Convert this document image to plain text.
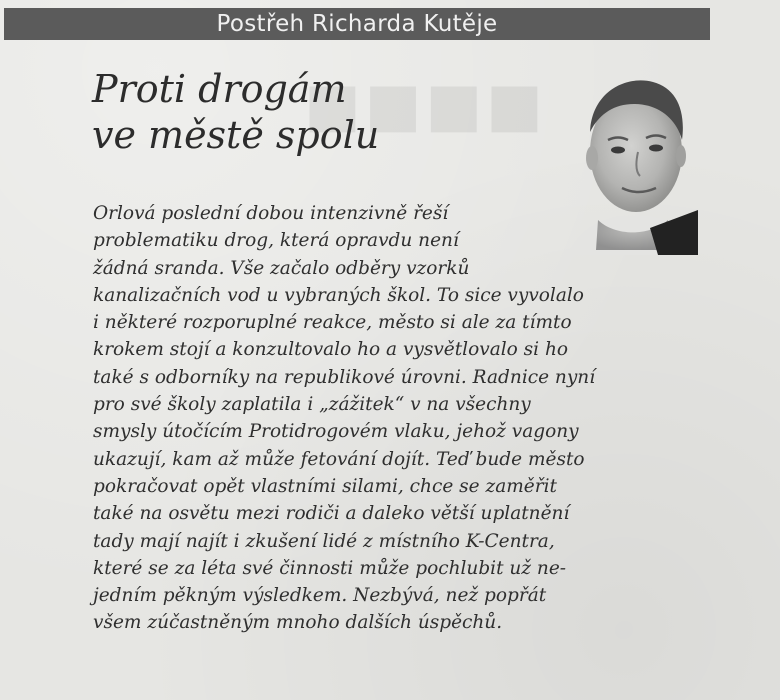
■■■■
Postřeh Richarda Kutěje
Proti drogám
ve městě spolu
Orlová poslední dobou intenzivně řeší
problematiku drog, která opravdu není
žádná sranda. Vše začalo odběry vzorků
kanalizačních vod u vybraných škol. To sice vyvolalo
i některé rozporuplné reakce, město si ale za tímto
krokem stojí a konzultovalo ho a vysvětlovalo si ho
také s odborníky na republikové úrovni. Radnice nyní
pro své školy zaplatila i „zážitek“ v na všechny
smysly útočícím Protidrogovém vlaku, jehož vagony
ukazují, kam až může fetování dojít. Teď bude město
pokračovat opět vlastními silami, chce se zaměřit
také na osvětu mezi rodiči a daleko větší uplatnění
tady mají najít i zkušení lidé z místního K-Centra,
které se za léta své činnosti může pochlubit už ne-
jedním pěkným výsledkem. Nezbývá, než popřát
všem zúčastněným mnoho dalších úspěchů.
